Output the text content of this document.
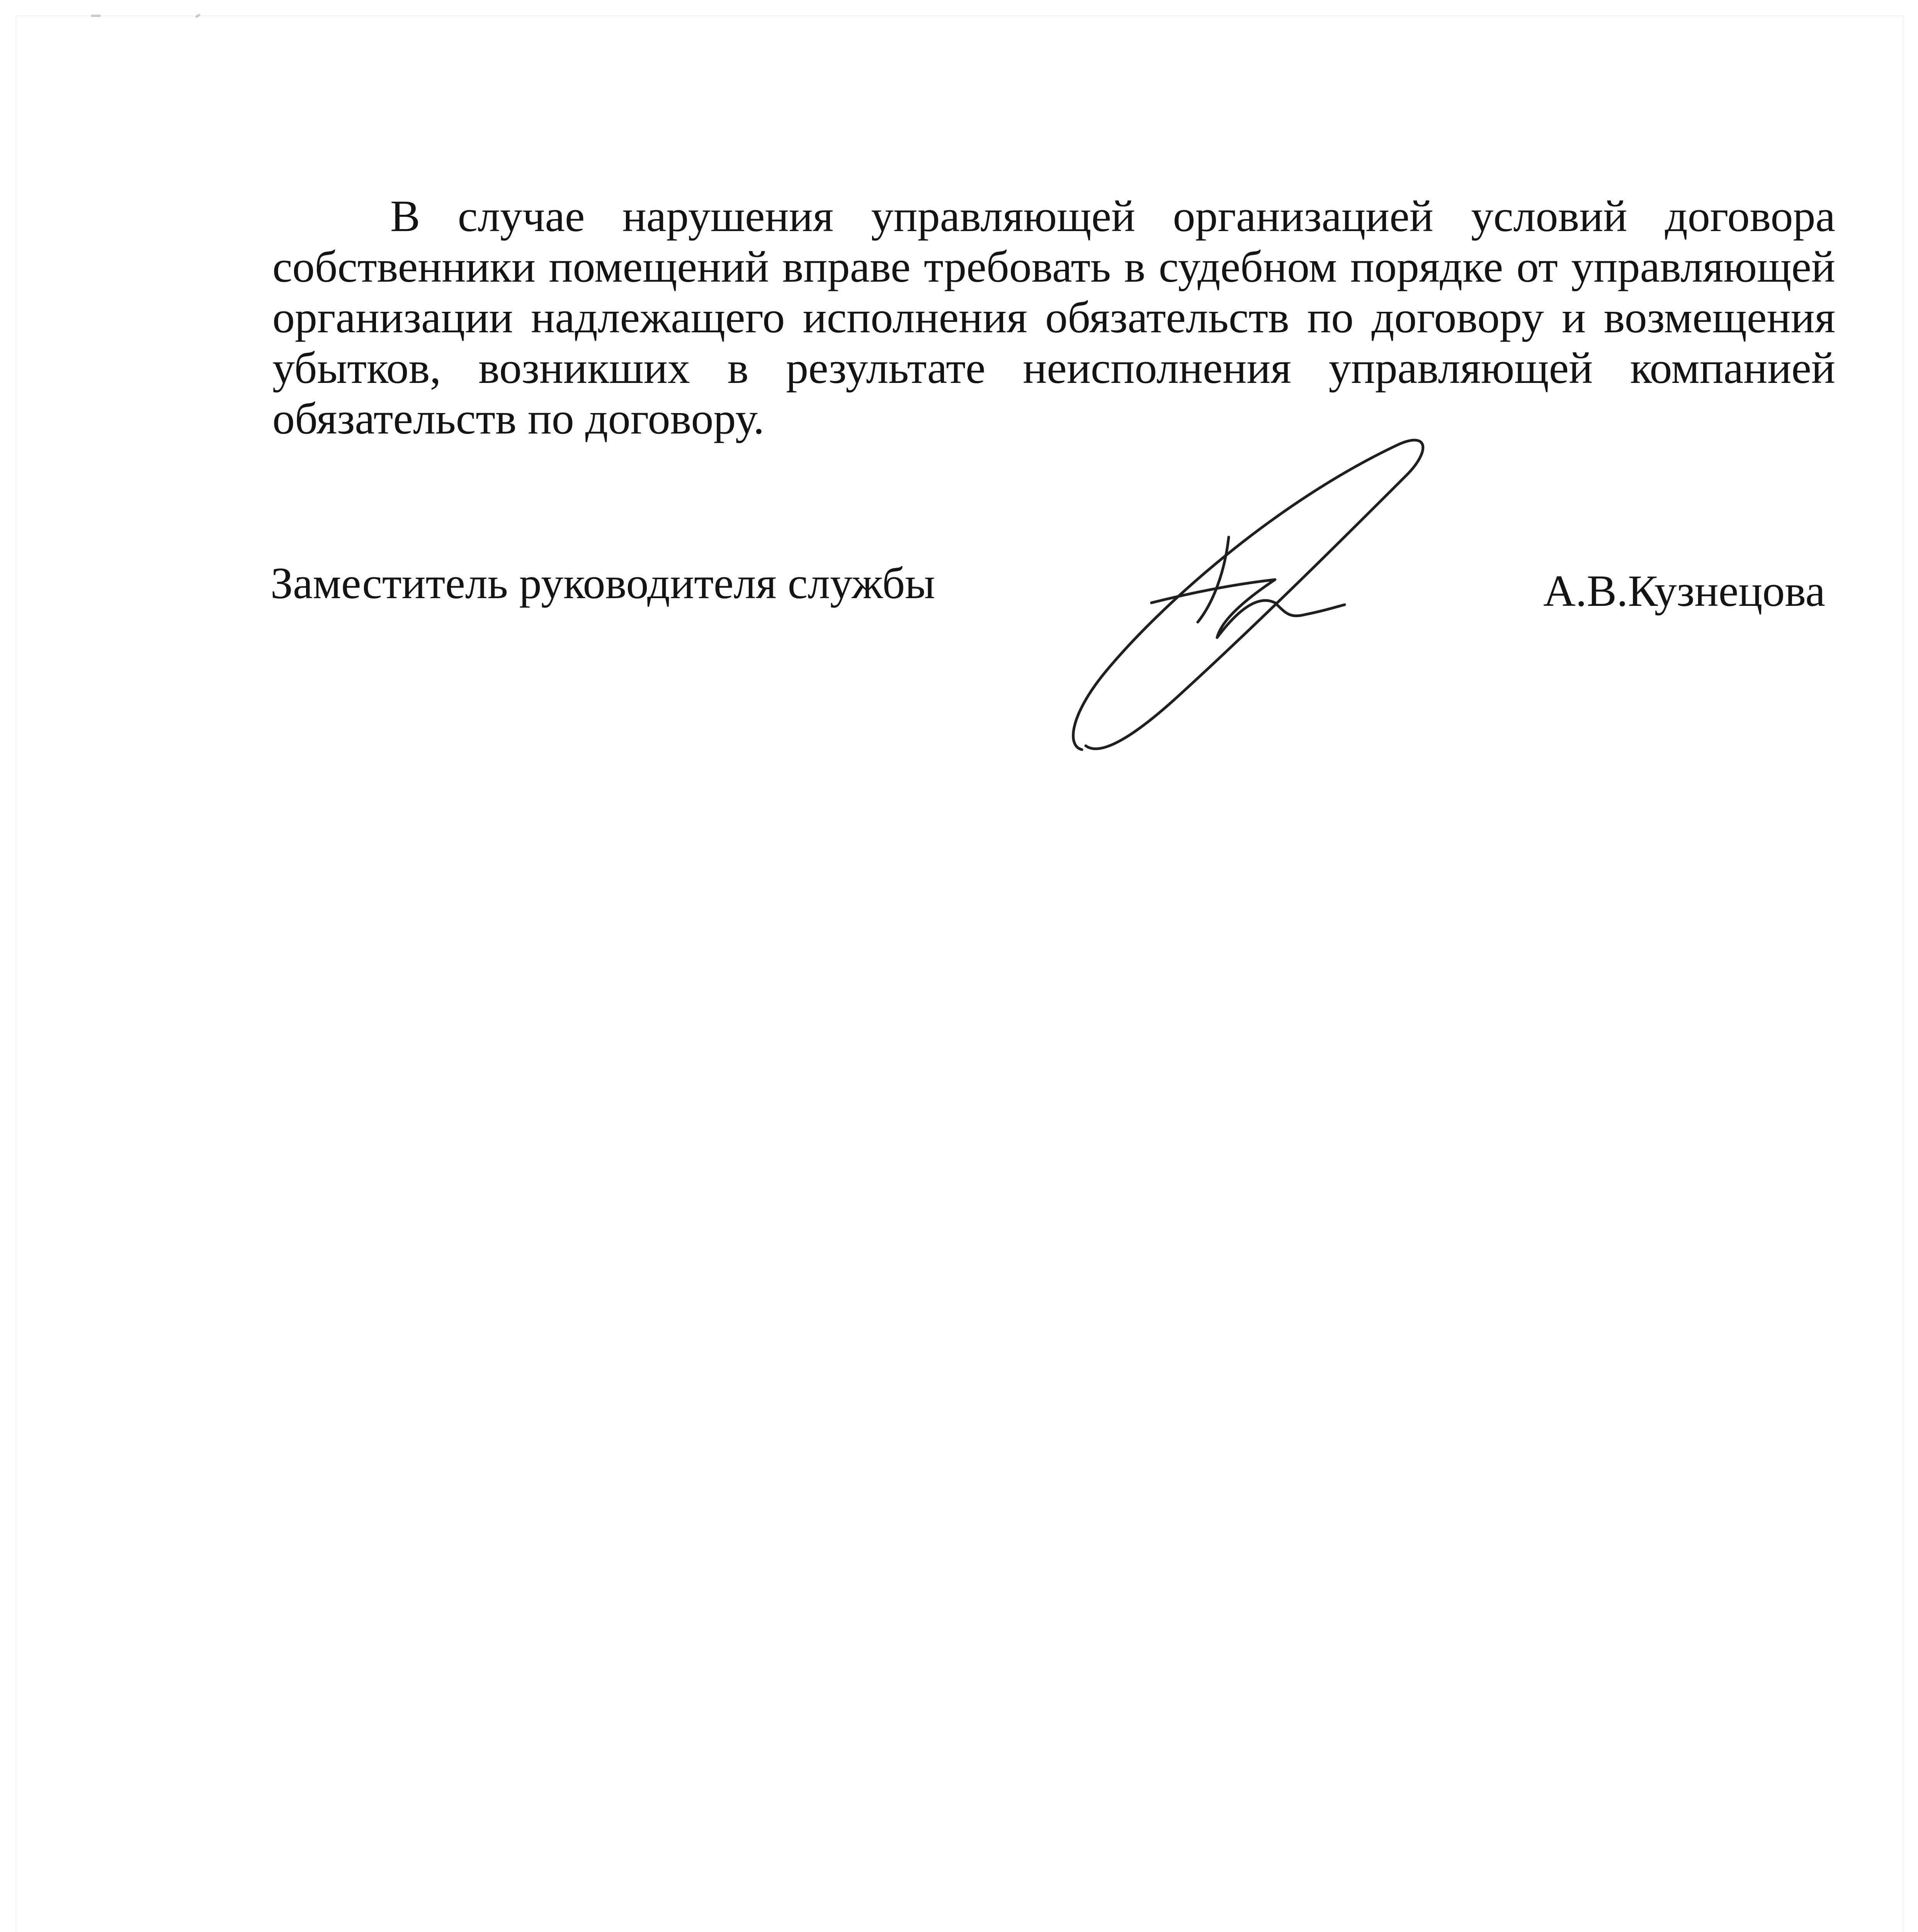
В случае нарушения управляющей организацией условий договора собственники помещений вправе требовать в судебном порядке от управляющей организации надлежащего исполнения обязательств по договору и возмещения убытков, возникших в результате неисполнения управляющей компанией обязательств по договору.

Заместитель руководителя службы	А.В.Кузнецова
